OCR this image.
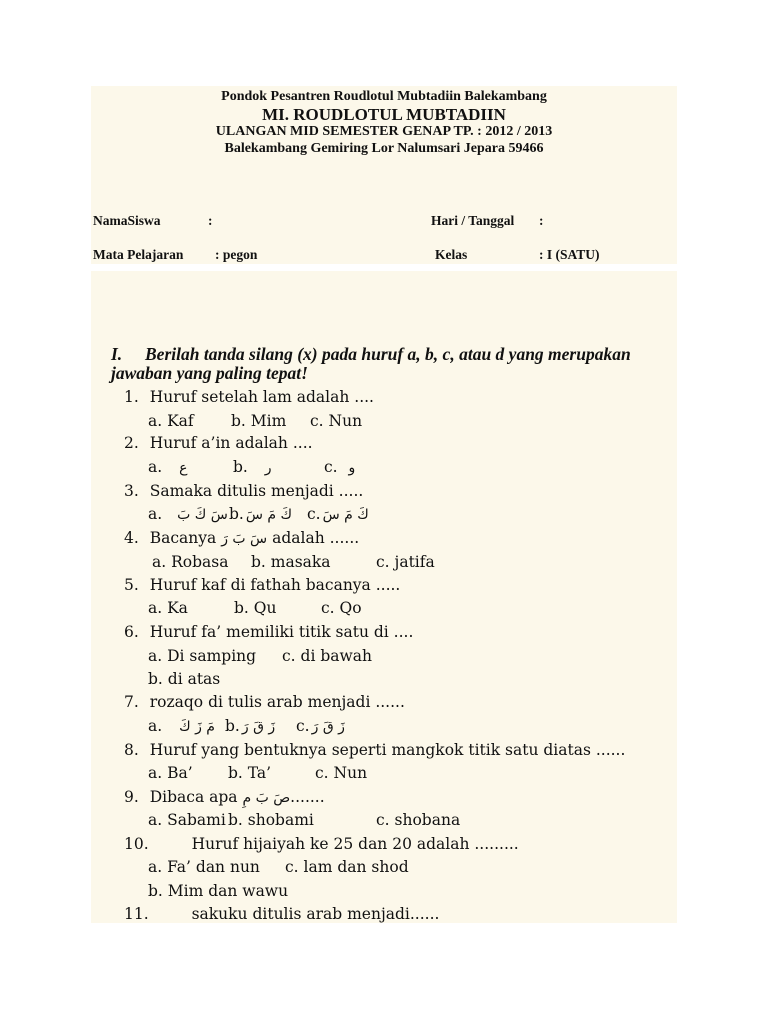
Pondok Pesantren Roudlotul Mubtadiin Balekambang
MI. ROUDLOTUL MUBTADIIN
ULANGAN MID SEMESTER GENAP TP. : 2012 / 2013
Balekambang Gemiring Lor Nalumsari Jepara 59466
NamaSiswa	:	Hari / Tanggal :
Mata Pelajaran : pegon	Kelas	: I (SATU)
I. Berilah tanda silang (x) pada huruf a, b, c, atau d yang merupakan jawaban yang paling tepat!
1. Huruf setelah lam adalah ....
a. Kaf b. Mim c. Nun
2. Huruf a’in adalah ....
a. ع	b. ر	c. و
3. Samaka ditulis menjadi .....
a. سَ كَ بَ b. كَ مَ سَ c. كَ مَ سَ
4. Bacanya سَ بَ رَ adalah ......
a. Robasa b. masaka	c. jatifa
5. Huruf kaf di fathah bacanya .....
a. Ka	b. Qu	c. Qo
6. Huruf fa’ memiliki titik satu di ....
a. Di samping c. di bawah
b. di atas
7. rozaqo di tulis arab menjadi ......
a. مَ زَ كَ b. زَ قَ رَ c. زَ قَ رَ
8. Huruf yang bentuknya seperti mangkok titik satu diatas ......
a. Ba’ b. Ta’	c. Nun
9. Dibaca apa صَ بَ مِ.......
a. Sabami b. shobami	c. shobana
10.	Huruf hijaiyah ke 25 dan 20 adalah .........
a. Fa’ dan nun c. lam dan shod
b. Mim dan wawu
11.	sakuku ditulis arab menjadi......
